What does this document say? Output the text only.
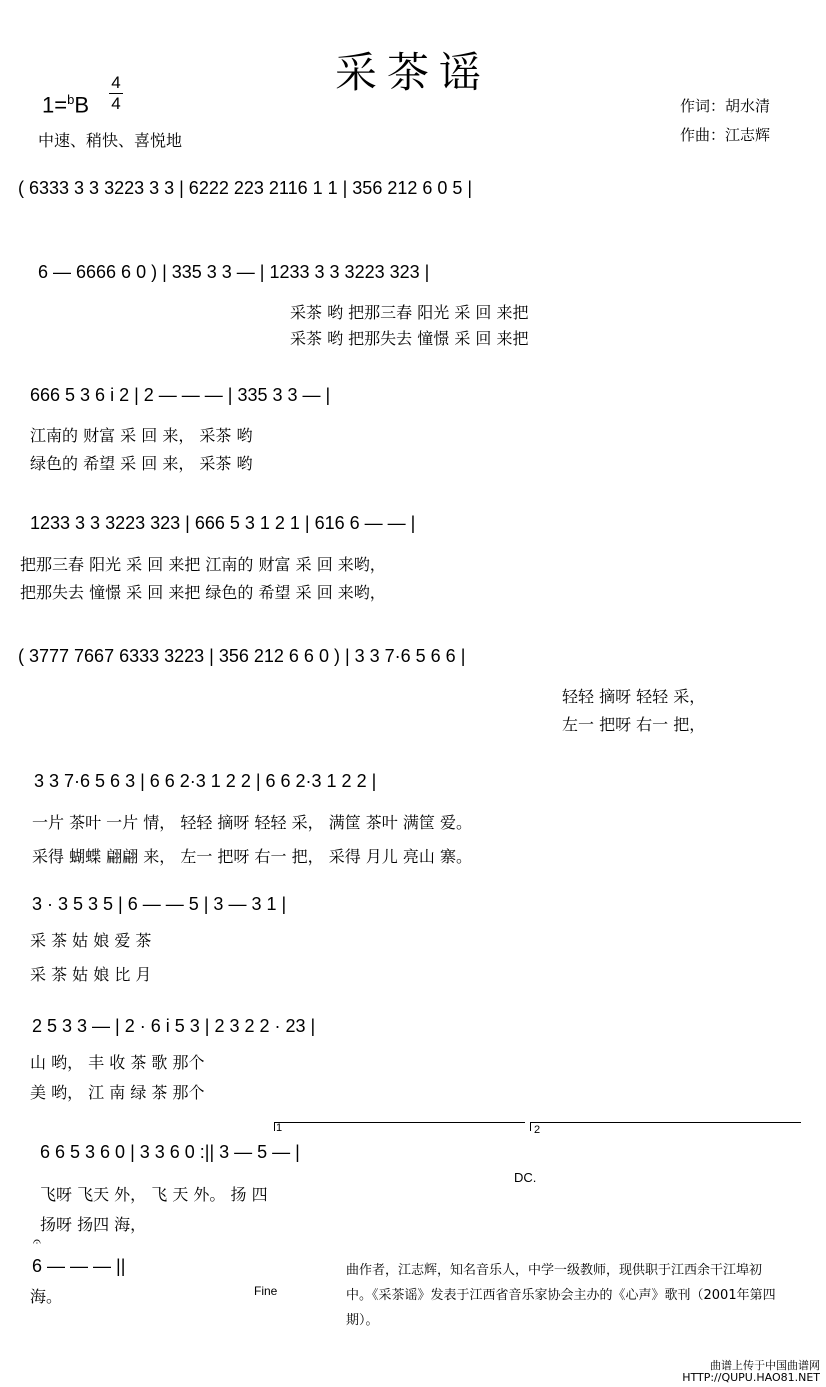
采茶谣
1=$^b$B
4
4
中速、稍快、喜悦地
作词：胡水清
作曲：江志辉
( 6333 3 3 3223 3 3 | 6222 223 2116 1 1 | 356 212 6 0 5 |
6 — 6666 6 0 ) | 335 3 3 — | 1233 3 3 3223 323 |
采茶 哟 把那三春 阳光 采 回 来把
采茶 哟 把那失去 憧憬 采 回 来把
666 5 3 6 i 2 | 2 — — — | 335 3 3 — |
江南的 财富 采 回 来， 采茶 哟
绿色的 希望 采 回 来， 采茶 哟
1233 3 3 3223 323 | 666 5 3 1 2 1 | 616 6 — — |
把那三春 阳光 采 回 来把 江南的 财富 采 回 来哟，
把那失去 憧憬 采 回 来把 绿色的 希望 采 回 来哟，
( 3777 7667 6333 3223 | 356 212 6 6 0 ) | 3 3 7·6 5 6 6 |
轻轻 摘呀 轻轻 采，
左一 把呀 右一 把，
3 3 7·6 5 6 3 | 6 6 2·3 1 2 2 | 6 6 2·3 1 2 2 |
一片 茶叶 一片 情， 轻轻 摘呀 轻轻 采， 满筐 茶叶 满筐 爱。
采得 蝴蝶 翩翩 来， 左一 把呀 右一 把， 采得 月儿 亮山 寨。
3 · 3 5 3 5 | 6 — — 5 | 3 — 3 1 |
采 茶 姑 娘 爱 茶
采 茶 姑 娘 比 月
2 5 3 3 — | 2 · 6 i 5 3 | 2 3 2 2 · 23 |
山 哟， 丰 收 茶 歌 那个
美 哟， 江 南 绿 茶 那个
1	2
6 6 5 3 6 0 | 3 3 6 0 :|| 3 — 5 — |
DC.
飞呀 飞天 外， 飞 天 外。 扬 四
扬呀 扬四 海，
𝄐
6 — — — ||
Fine
海。
曲作者，江志辉，知名音乐人，中学一级教师，现供职于江西余干江埠初中。《采茶谣》发表于江西省音乐家协会主办的《心声》歌刊（2001年第四期）。
曲谱上传于中国曲谱网 HTTP://QUPU.HAO81.NET
